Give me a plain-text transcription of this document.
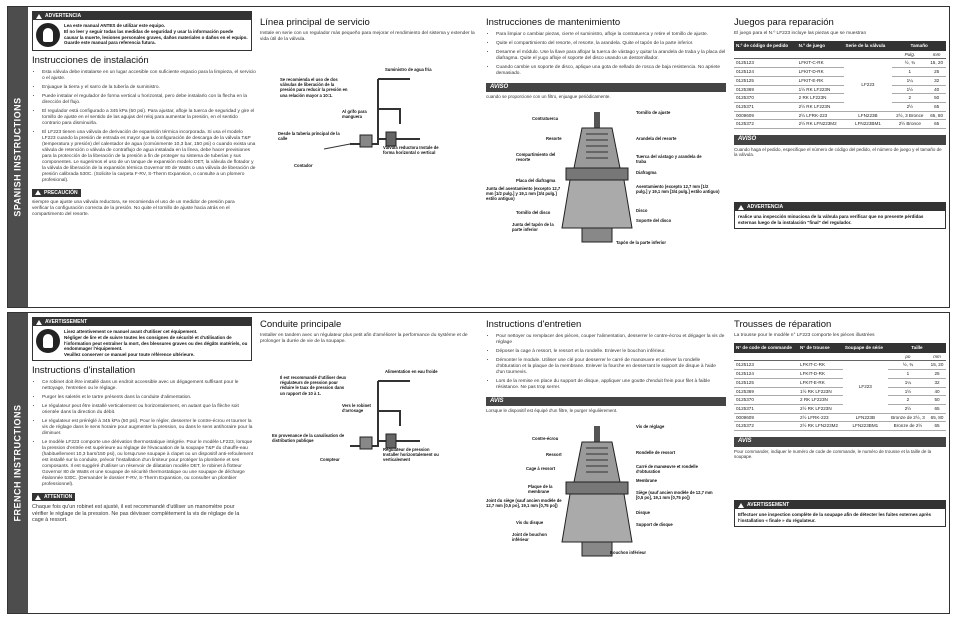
SPANISH INSTRUCTIONS
ADVERTENCIA
Lea este manual ANTES de utilizar este equipo.
El no leer y seguir todas las medidas de seguridad y usar la información puede causar la muerte, lesiones personales graves, daños materiales o daños en el equipo.
Guarde este manual para referencia futura.
Instrucciones de instalación
• Esta válvula debe instalarse en un lugar accesible con suficiente espacio para la limpieza, el servicio o el ajuste.
• Enjuague la tierra y el sarro de la tubería de suministro.
• Puede instalar el regulador de forma vertical u horizontal, pero debe instalarlo con la flecha en la dirección del flujo.
• El regulador está configurado a 345 kPa (50 psi). Para ajustar, afloje la tuerca de seguridad y gire el tornillo de ajuste en el sentido de las agujas del reloj para aumentar la presión, en el sentido contrario para disminuirla.
• El LF223 tienen una válvula de derivación de expansión térmica incorporada. Si usa el modelo LF223 cuando la presión de entrada es mayor que la configuración de descarga de la válvula T&P (temperatura y presión) del calentador de agua (comúnmente 10,3 bar, 150 psi) o cuando exista una válvula de retención o válvula de contraflujo de agua instalada en la línea, debe hacer previsiones para la protección de la liberación de la presión a fin de proteger su sistema de tuberías y sus componentes. Le sugerimos el uso de un tanque de expansión modelo DET, la válvula de flotador y la válvula de liberación de la expansión térmica Governor 80 de Watts o una válvula de liberación de presión calibrada 530C. (Solicite la carpeta F-RV, S-Therm Expansion, o consulte a un plomero profesional).
PRECAUCIÓN

siempre que ajuste una válvula reductora, se recomienda el uso de un medidor de presión para verificar la configuración correcta de la presión. No quite el tornillo de ajuste hacia atrás en el compartimento del resorte.

Línea principal de servicio

Instale en serie con un regulador más pequeño para mejorar el rendimiento del sistema y extender la vida útil de la válvula.

Se recomienda el uso de dos válvulas de liberación de la presión para reducir la presión en una relación mayor a 10:1.
Suministro de agua fría
Al grifo para manguera
Desde la tubería principal de la calle
Contador
Válvula reductora Instale de forma horizontal o vertical
Instrucciones de mantenimiento
• Para limpiar o cambiar piezas, cierre el suministro, afloje la contratuerca y retire el tornillo de ajuste.
• Quite el compartimiento del resorte, el resorte, la arandela. Quite el tapón de la parte inferior.
• Desarme el módulo. Use la llave para aflojar la tuerca de vástago y quitar la arandela de traba y la placa del diafragma. Quite el yugo afloje el soporte del disco usando un destornillador.
• Cuando cambie un soporte de disco, aplique una gota de sellado de rosca de baja resistencia. No apriete demasiado.
AVISO

cuando se proporcione con un filtro, enjuague periódicamente.

Contratuerca
Tornillo de ajuste
Resorte	Arandela del resorte
Compartimiento del resorte
Tuerca del vástago y arandela de traba
Diafragma
Placa del diafragma
Junta del asentamiento (excepto 12,7 mm [1/2 pulg.] y 19,1 mm [3/4 pulg.] estilo antiguo)
Asentamiento (excepto 12,7 mm [1/2 pulg.] y 19,1 mm [3/4 pulg.] estilo antiguo)
Tornillo del disco	Disco
Soporte del disco
Junta del tapón de la parte inferior
Tapón de la parte inferior
Juegos para reparación

El juego para el N.º LF223 incluye las piezas que se muestran

N.º de código de pedido	N.º de juego	Serie de la válvula	Tamaño	
			Pulg.	mm
0125123	LFKIT-C-RK	LF223	½, ¾	15, 20
0125124	LFKIT-D-RK		1	25
0125125	LFKIT-E-RK		1¼	32
0125369	1½ RK LF223N		1½	40
0125370	2 RK LF223N		2	50
0125371	2½ RK LF223N		2½	65
0009609	2½ LFRK-223	LFN223B	2½, 3 Bronce	65, 80
0125372	2½ RK LFN223M2	LFN223BM1	2½ Bronce	65
AVISO

Cuando haga el pedido, especifique el número de código del pedido, el número de juego y el tamaño de la válvula.

ADVERTENCIA
realice una inspección minuciosa de la válvula para verificar que no presente pérdidas externas luego de la instalación "final" del regulador.
FRENCH INSTRUCTIONS
AVERTISSEMENT
Lisez attentivement ce manuel avant d'utiliser cet équipement.
Négliger de lire et de suivre toutes les consignes de sécurité et d'utilisation de l'information peut entraîner la mort, des blessures graves ou des dégâts matériels, ou endommager l'équipement.
Veuillez conserver ce manuel pour toute référence ultérieure.
Instructions d'installation
• Ce robinet doit être installé dans un endroit accessible avec un dégagement suffisant pour le nettoyage, l'entretien ou le réglage.
• Purger les saletés et le tartre présents dans la conduite d'alimentation.
• Le régulateur peut être installé verticalement ou horizontalement, en autant que la flèche soit orientée dans la direction du débit.
• Le régulateur est préréglé à 345 kPa (50 psi). Pour le régler, desserrer le contre-écrou et tourner la vis de réglage dans le sens horaire pour augmenter la pression, ou dans le sens antihoraire pour la diminuer.
• Le modèle LF223 comporte une dérivation thermostatique intégrée. Pour le modèle LF223, lorsque la pression d'entrée est supérieure au réglage de l'évacuation de la soupape T&P du chauffe-eau (habituellement 10,3 bars/150 psi), ou lorsqu'une soupape à clapet ou un dispositif anti-refoulement est installé sur la conduite, prévoir l'installation d'un limiteur pour protéger la plomberie et ses composants. Il est suggéré d'utiliser un réservoir de dilatation modèle DET, le robinet à flotteur Governor 80 de Watts et une soupape de sécurité thermostatique ou une soupape de décharge étalonnée 530C. (Demander le dossier F-RV, S-Therm Expansion, ou consulter un plombier professionnel).
ATTENTION

Chaque fois qu'un robinet est ajusté, il est recommandé d'utiliser un manomètre pour vérifier le réglage de la pression. Ne pas dévisser complètement la vis de réglage de la cage à ressort.

Conduite principale

Installer en tandem avec un régulateur plus petit afin d'améliorer la performance du système et de prolonger la durée de vie de la soupape.

Il est recommandé d'utiliser deux régulateurs de pression pour réduire le taux de pression dans un rapport de 10 à 1.
Alimentation en eau froide
Vers le robinet d'arrosage
En provenance de la canalisation de distribution publique
Compteur
Régulateur de pression Installer horizontalement ou verticalement
Instructions d'entretien
• Pour nettoyer ou remplacer des pièces, couper l'alimentation, desserrer le contre-écrou et dégager la vis de réglage
• Déposer la cage à ressort, le ressort et la rondelle. Enlever le bouchon inférieur.
• Démonter le module. Utiliser une clé pour desserrer le carré de manœuvre et enlever la rondelle d'obturation et la plaque de la membrane. Enlever la fourche en desserrant le support de disque à l'aide d'un tournevis.
• Lors de la remise en place du support de disque, appliquer une goutte d'enduit frein pour filet à faible résistance. Ne pas trop serrer.
AVIS

Lorsque le dispositif est équipé d'un filtre, le purger régulièrement.

Contre-écrou
Vis de réglage
Ressort	Rondelle de ressort
Cage à ressort	Carré de manœuvre et rondelle d'obturation
Membrane
Plaque de la membrane
Joint du siège (sauf ancien modèle de 12,7 mm [0,5 po], 19,1 mm [0,75 po])
Siège (sauf ancien modèle de 12,7 mm [0,5 po], 19,1 mm [0,75 po])
Vis du disque
Disque
Support de disque
Joint de bouchon inférieur
Bouchon inférieur
Trousses de réparation

La trousse pour le modèle n° LF223 comporte les pièces illustrées

N° de code de commande	N° de trousse	Soupape de série	Taille	
			po	mm
0125123	LFKIT-C-RK	LF223	½, ¾	15, 20
0125124	LFKIT-D-RK		1	25
0125125	LFKIT-E-RK		1¼	32
0125369	1½ RK LF223N		1½	40
0125370	2 RK LF223N		2	50
0125371	2½ RK LF223N		2½	65
0009609	2½ LFRK-223	LFN223B	Bronze de 2½, 3	65, 80
0125372	2½ RK LFN223M2	LFN223BM1	Bronze de 2½	65
AVIS

Pour commander, indiquer le numéro de code de commande, le numéro de trousse et la taille de la soupape.

AVERTISSEMENT
Effectuer une inspection complète de la soupape afin de détecter les fuites externes après l'installation « finale » du régulateur.
